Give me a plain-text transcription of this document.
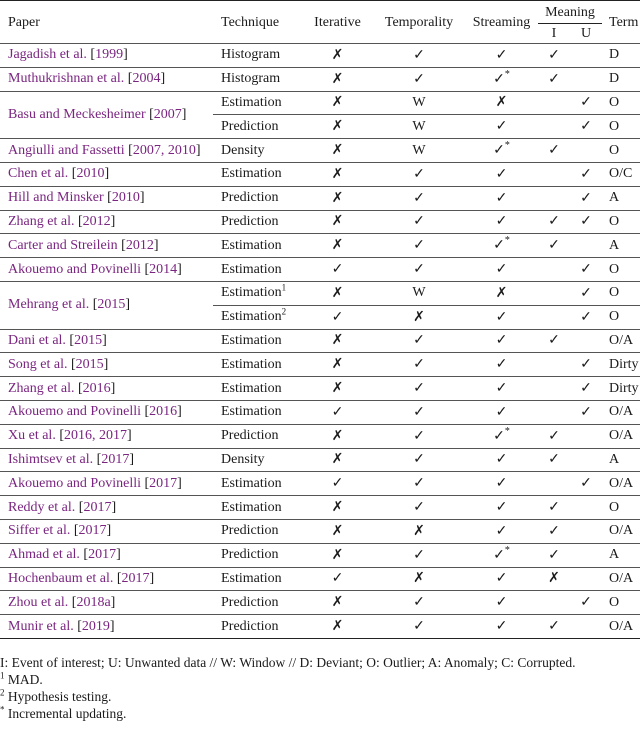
Paper	Technique	Iterative	Temporality	Streaming	Meaning		Term
					I	U	
Jagadish et al. [1999]	Histogram	✗	✓	✓	✓		D
Muthukrishnan et al. [2004]	Histogram	✗	✓	✓*	✓		D
Basu and Meckesheimer [2007]	Estimation	✗	W	✗		✓	O
	Prediction	✗	W	✓		✓	O
Angiulli and Fassetti [2007, 2010]	Density	✗	W	✓*	✓		O
Chen et al. [2010]	Estimation	✗	✓	✓		✓	O/C
Hill and Minsker [2010]	Prediction	✗	✓	✓		✓	A
Zhang et al. [2012]	Prediction	✗	✓	✓	✓	✓	O
Carter and Streilein [2012]	Estimation	✗	✓	✓*	✓		A
Akouemo and Povinelli [2014]	Estimation	✓	✓	✓		✓	O
Mehrang et al. [2015]	Estimation$^1$	✗	W	✗		✓	O
	Estimation$^2$	✓	✗	✓		✓	O
Dani et al. [2015]	Estimation	✗	✓	✓	✓		O/A
Song et al. [2015]	Estimation	✗	✓	✓		✓	Dirty
Zhang et al. [2016]	Estimation	✗	✓	✓		✓	Dirty
Akouemo and Povinelli [2016]	Estimation	✓	✓	✓		✓	O/A
Xu et al. [2016, 2017]	Prediction	✗	✓	✓*	✓		O/A
Ishimtsev et al. [2017]	Density	✗	✓	✓	✓		A
Akouemo and Povinelli [2017]	Estimation	✓	✓	✓		✓	O/A
Reddy et al. [2017]	Estimation	✗	✓	✓	✓		O
Siffer et al. [2017]	Prediction	✗	✗	✓	✓		O/A
Ahmad et al. [2017]	Prediction	✗	✓	✓*	✓		A
Hochenbaum et al. [2017]	Estimation	✓	✗	✓	✗		O/A
Zhou et al. [2018a]	Prediction	✗	✓	✓		✓	O
Munir et al. [2019]	Prediction	✗	✓	✓	✓		O/A
I: Event of interest; U: Unwanted data // W: Window // D: Deviant; O: Outlier; A: Anomaly; C: Corrupted.
$^1$ MAD.
$^2$ Hypothesis testing.
* Incremental updating.
